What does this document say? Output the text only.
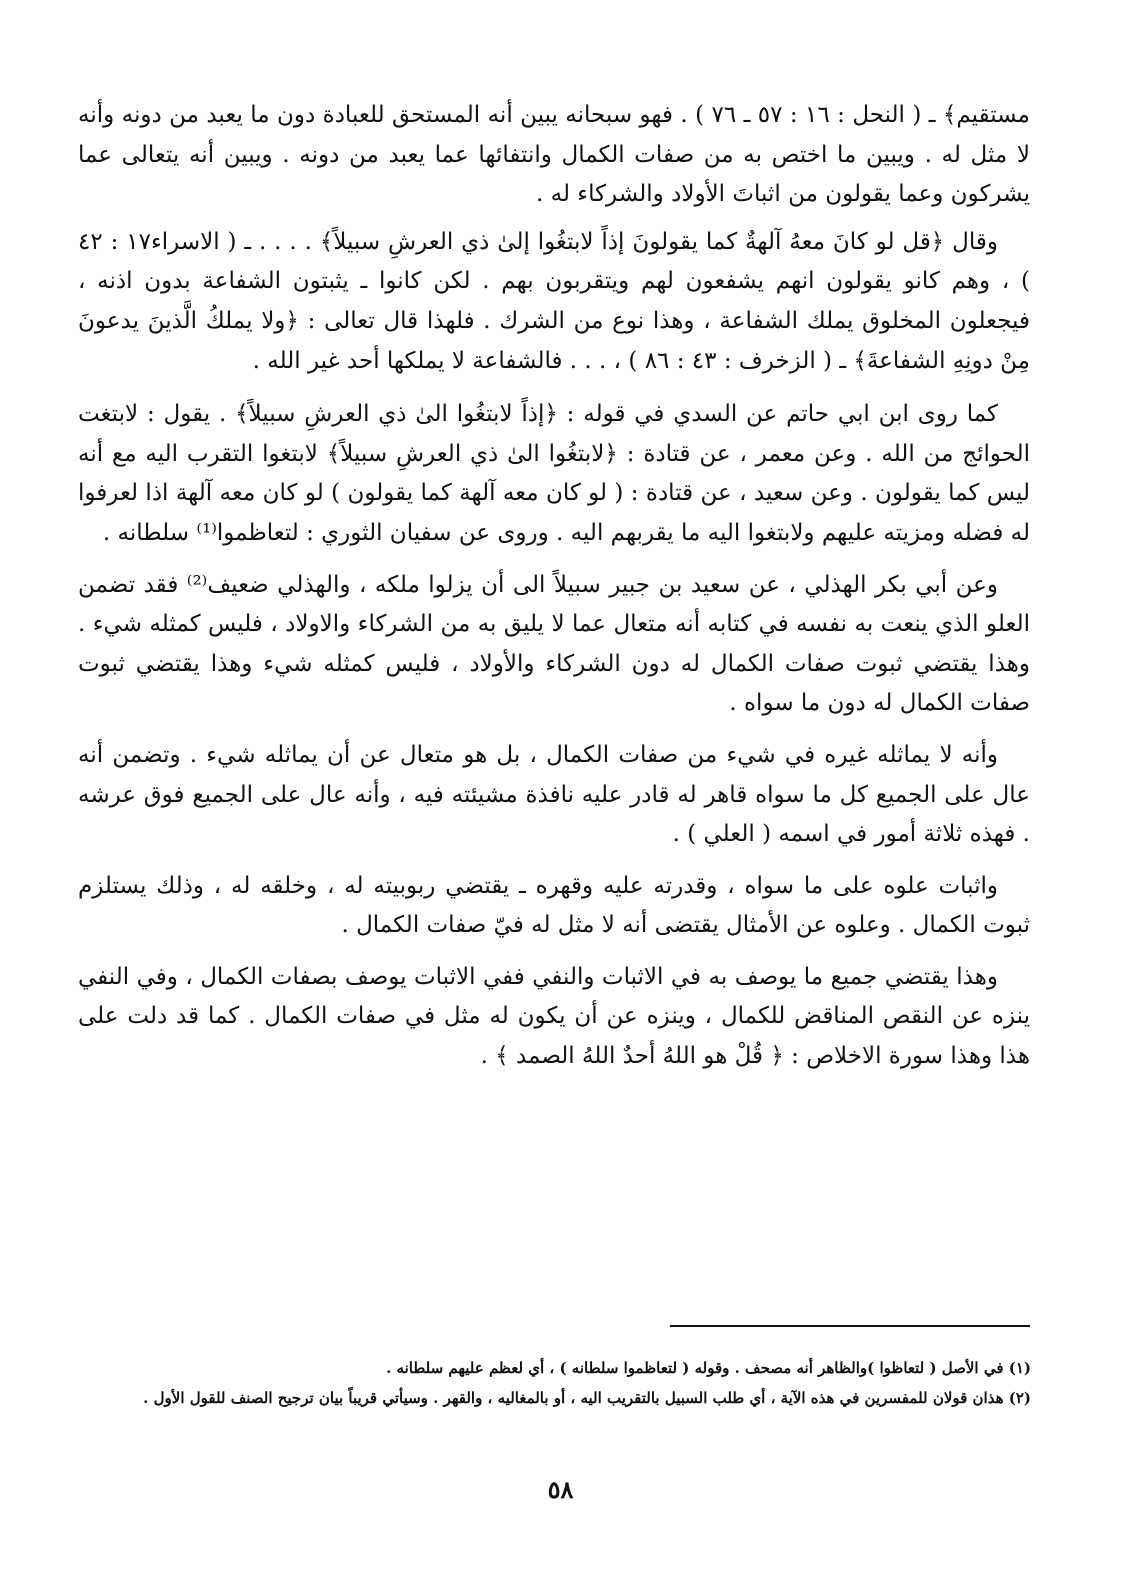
مستقيم﴾ ـ ( النحل : ١٦ : ٥٧ ـ ٧٦ ) . فهو سبحانه يبين أنه المستحق للعبادة دون ما يعبد من دونه وأنه لا مثل له . ويبين ما اختص به من صفات الكمال وانتفائها عما يعبد من دونه . ويبين أنه يتعالى عما يشركون وعما يقولون من اثباتَ الأولاد والشركاء له .

وقال ﴿قل لو كانَ معهُ آلهةٌ كما يقولونَ إذاً لابتغُوا إلىٰ ذي العرشِ سبيلاً﴾ . . . . ـ ( الاسراء١٧ : ٤٢ ) ، وهم كانو يقولون انهم يشفعون لهم ويتقربون بهم . لكن كانوا ـ يثبتون الشفاعة بدون اذنه ، فيجعلون المخلوق يملك الشفاعة ، وهذا نوع من الشرك . فلهذا قال تعالى : ﴿ولا يملكُ الَّذينَ يدعونَ مِنْ دونِهِ الشفاعةَ﴾ ـ ( الزخرف : ٤٣ : ٨٦ ) ، . . . فالشفاعة لا يملكها أحد غير الله .

كما روى ابن ابي حاتم عن السدي في قوله : ﴿إذاً لابتغُوا الىٰ ذي العرشِ سبيلاً﴾ . يقول : لابتغت الحوائج من الله . وعن معمر ، عن قتادة : ﴿لابتغُوا الىٰ ذي العرشِ سبيلاً﴾ لابتغوا التقرب اليه مع أنه ليس كما يقولون . وعن سعيد ، عن قتادة : ( لو كان معه آلهة كما يقولون ) لو كان معه آلهة اذا لعرفوا له فضله ومزيته عليهم ولابتغوا اليه ما يقربهم اليه . وروى عن سفيان الثوري : لتعاظموا⁽¹⁾ سلطانه .

وعن أبي بكر الهذلي ، عن سعيد بن جبير سبيلاً الى أن يزلوا ملكه ، والهذلي ضعيف⁽²⁾ فقد تضمن العلو الذي ينعت به نفسه في كتابه أنه متعال عما لا يليق به من الشركاء والاولاد ، فليس كمثله شيء . وهذا يقتضي ثبوت صفات الكمال له دون الشركاء والأولاد ، فليس كمثله شيء وهذا يقتضي ثبوت صفات الكمال له دون ما سواه .

وأنه لا يماثله غيره في شيء من صفات الكمال ، بل هو متعال عن أن يماثله شيء . وتضمن أنه عال على الجميع كل ما سواه قاهر له قادر عليه نافذة مشيئته فيه ، وأنه عال على الجميع فوق عرشه . فهذه ثلاثة أمور في اسمه ( العلي ) .

واثبات علوه على ما سواه ، وقدرته عليه وقهره ـ يقتضي ربوبيته له ، وخلقه له ، وذلك يستلزم ثبوت الكمال . وعلوه عن الأمثال يقتضى أنه لا مثل له فيّ صفات الكمال .

وهذا يقتضي جميع ما يوصف به في الاثبات والنفي ففي الاثبات يوصف بصفات الكمال ، وفي النفي ينزه عن النقص المناقض للكمال ، وينزه عن أن يكون له مثل في صفات الكمال . كما قد دلت على هذا وهذا سورة الاخلاص : ﴿ قُلْ هو اللهُ أحدٌ اللهُ الصمد ﴾ .

(١) في الأصل ( لتعاظوا )والظاهر أنه مصحف . وقوله ( لتعاظموا سلطانه ) ، أي لعظم عليهم سلطانه .

(٢) هذان قولان للمفسرين في هذه الآية ، أي طلب السبيل بالتقريب اليه ، أو بالمغاليه ، والقهر . وسيأتي قريباً بيان ترجيح الصنف للقول الأول .

٥٨
